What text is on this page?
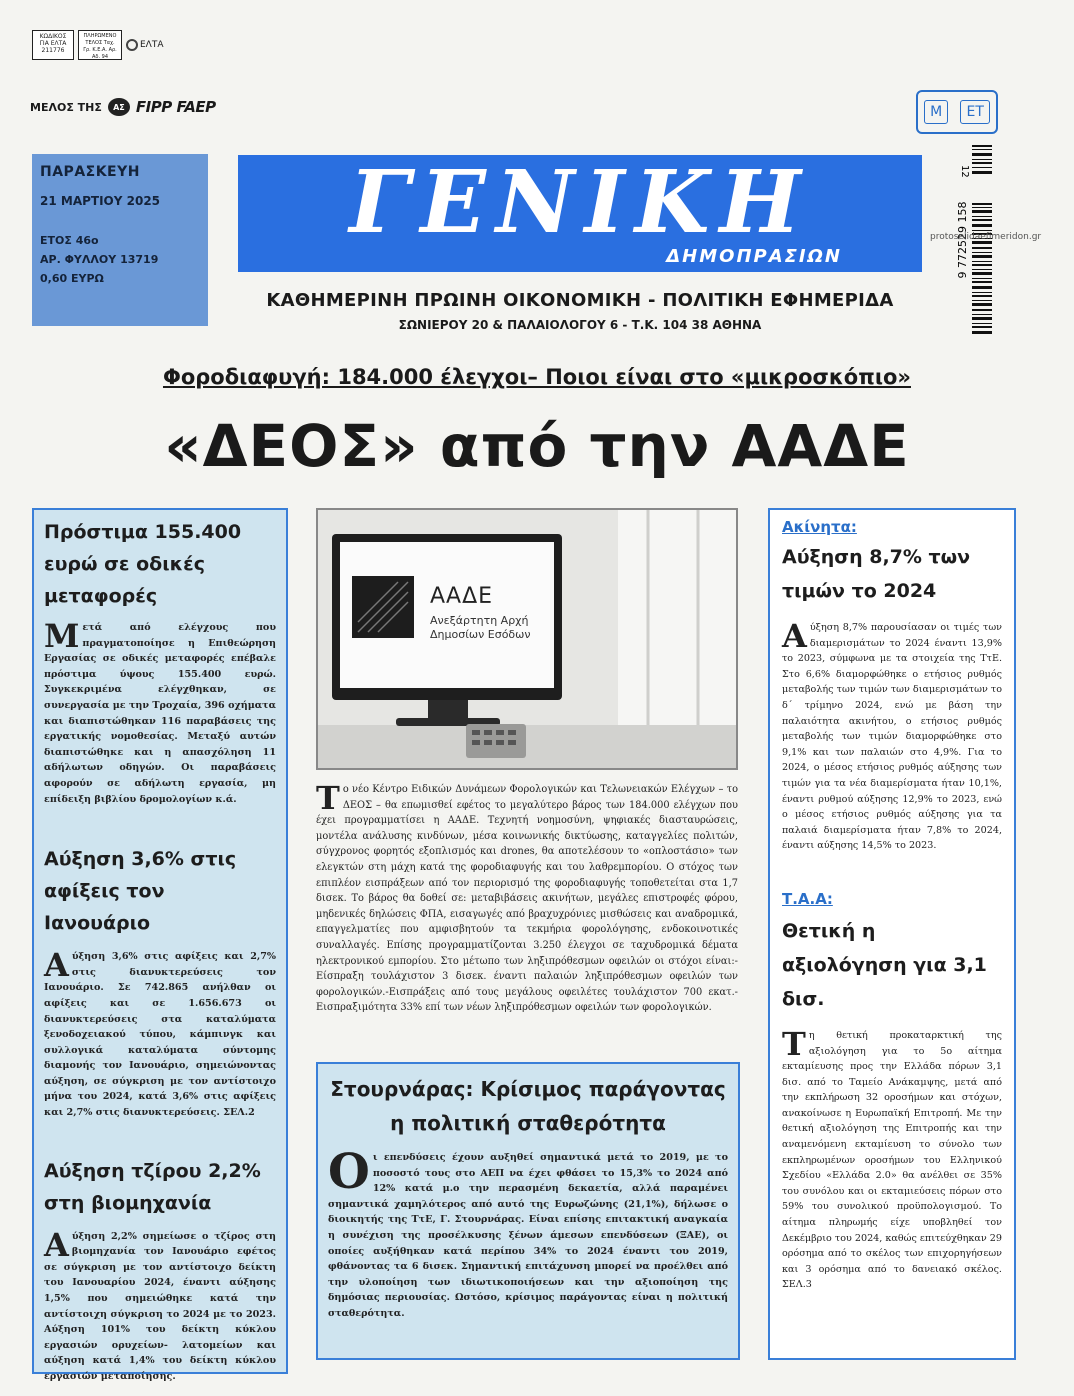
ΚΩΔΙΚΟΣ ΓΙΑ ΕΛΤΑ 211776
ΠΛΗΡΩΜΕΝΟ ΤΕΛΟΣ Ταχ. Γρ. Κ.Ε.Α. Αρ. Αδ. 94
ΕΛΤΑ
ΜΕΛΟΣ ΤΗΣ	ΑΣ FIPP FAEP	M	ET
ΠΑΡΑΣΚΕΥΗ
21 ΜΑΡΤΙΟΥ 2025
ΕΤΟΣ 46ο
ΑΡ. ΦΥΛΛΟΥ 13719
0,60 ΕΥΡΩ
ΓΕΝΙΚΗ
ΔΗΜΟΠΡΑΣΙΩΝ
ΚΑΘΗΜΕΡΙΝΗ ΠΡΩΙΝΗ ΟΙΚΟΝΟΜΙΚΗ - ΠΟΛΙΤΙΚΗ ΕΦΗΜΕΡΙΔΑ
ΣΩΝΙΕΡΟΥ 20 & ΠΑΛΑΙΟΛΟΓΟΥ 6 - Τ.Κ. 104 38 ΑΘΗΝΑ
9 772529 158
12
protoselidaefimeridon.gr
Φοροδιαφυγή: 184.000 έλεγχοι– Ποιοι είναι στο «μικροσκόπιο»
«ΔΕΟΣ» από την ΑΑΔΕ
Πρόστιμα 155.400 ευρώ σε οδικές μεταφορές
Μετά από ελέγχους που πραγματοποίησε η Επιθεώρηση Εργασίας σε οδικές μεταφορές επέβαλε πρόστιμα ύψους 155.400 ευρώ. Συγκεκριμένα ελέγχθηκαν, σε συνεργασία με την Τροχαία, 396 οχήματα και διαπιστώθηκαν 116 παραβάσεις της εργατικής νομοθεσίας. Μεταξύ αυτών διαπιστώθηκε και η απασχόληση 11 αδήλωτων οδηγών. Οι παραβάσεις αφορούν σε αδήλωτη εργασία, μη επίδειξη βιβλίου δρομολογίων κ.ά.
Αύξηση 3,6% στις αφίξεις τον Ιανουάριο
Αύξηση 3,6% στις αφίξεις και 2,7% στις διανυκτερεύσεις τον Ιανουάριο. Σε 742.865 ανήλθαν οι αφίξεις και σε 1.656.673 οι διανυκτερεύσεις στα καταλύματα ξενοδοχειακού τύπου, κάμπινγκ και συλλογικά καταλύματα σύντομης διαμονής τον Ιανουάριο, σημειώνοντας αύξηση, σε σύγκριση με τον αντίστοιχο μήνα του 2024, κατά 3,6% στις αφίξεις και 2,7% στις διανυκτερεύσεις. ΣΕΛ.2
Αύξηση τζίρου 2,2% στη βιομηχανία
Αύξηση 2,2% σημείωσε ο τζίρος στη βιομηχανία τον Ιανουάριο εφέτος σε σύγκριση με τον αντίστοιχο δείκτη του Ιανουαρίου 2024, έναντι αύξησης 1,5% που σημειώθηκε κατά την αντίστοιχη σύγκριση το 2024 με το 2023. Αύξηση 101% του δείκτη κύκλου εργασιών ορυχείων- λατομείων και αύξηση κατά 1,4% του δείκτη κύκλου εργασιών μεταποίησης.
ΑΑΔΕ
Ανεξάρτητη Αρχή
Δημοσίων Εσόδων
Το νέο Κέντρο Ειδικών Δυνάμεων Φορολογικών και Τελωνειακών Ελέγχων – το ΔΕΟΣ – θα επωμισθεί εφέτος το μεγαλύτερο βάρος των 184.000 ελέγχων που έχει προγραμματίσει η ΑΑΔΕ. Τεχνητή νοημοσύνη, ψηφιακές διασταυρώσεις, μοντέλα ανάλυσης κινδύνων, μέσα κοινωνικής δικτύωσης, καταγγελίες πολιτών, σύγχρονος φορητός εξοπλισμός και drones, θα αποτελέσουν το «οπλοστάσιο» των ελεγκτών στη μάχη κατά της φοροδιαφυγής και του λαθρεμπορίου. Ο στόχος των επιπλέον εισπράξεων από τον περιορισμό της φοροδιαφυγής τοποθετείται στα 1,7 δισεκ. Το βάρος θα δοθεί σε: μεταβιβάσεις ακινήτων, μεγάλες επιστροφές φόρου, μηδενικές δηλώσεις ΦΠΑ, εισαγωγές από βραχυχρόνιες μισθώσεις και αναδρομικά, επαγγελματίες που αμφισβητούν τα τεκμήρια φορολόγησης, ενδοκοινοτικές συναλλαγές. Επίσης προγραμματίζονται 3.250 έλεγχοι σε ταχυδρομικά δέματα ηλεκτρονικού εμπορίου. Στο μέτωπο των ληξιπρόθεσμων οφειλών οι στόχοι είναι:-Είσπραξη τουλάχιστον 3 δισεκ. έναντι παλαιών ληξιπρόθεσμων οφειλών των φορολογικών.-Εισπράξεις από τους μεγάλους οφειλέτες τουλάχιστον 700 εκατ.-Εισπραξιμότητα 33% επί των νέων ληξιπρόθεσμων οφειλών των φορολογικών.
Στουρνάρας: Κρίσιμος παράγοντας η πολιτική σταθερότητα
Οι επενδύσεις έχουν αυξηθεί σημαντικά μετά το 2019, με το ποσοστό τους στο ΑΕΠ να έχει φθάσει το 15,3% το 2024 από 12% κατά μ.ο την περασμένη δεκαετία, αλλά παραμένει σημαντικά χαμηλότερος από αυτό της Ευρωζώνης (21,1%), δήλωσε ο διοικητής της ΤτΕ, Γ. Στουρνάρας. Είναι επίσης επιτακτική αναγκαία η συνέχιση της προσέλκυσης ξένων άμεσων επενδύσεων (ΞΑΕ), οι οποίες αυξήθηκαν κατά περίπου 34% το 2024 έναντι του 2019, φθάνοντας τα 6 δισεκ. Σημαντική επιτάχυνση μπορεί να προέλθει από την υλοποίηση των ιδιωτικοποιήσεων και την αξιοποίηση της δημόσιας περιουσίας. Ωστόσο, κρίσιμος παράγοντας είναι η πολιτική σταθερότητα.
Ακίνητα:
Αύξηση 8,7% των τιμών το 2024
Αύξηση 8,7% παρουσίασαν οι τιμές των διαμερισμάτων το 2024 έναντι 13,9% το 2023, σύμφωνα με τα στοιχεία της ΤτΕ. Στο 6,6% διαμορφώθηκε ο ετήσιος ρυθμός μεταβολής των τιμών των διαμερισμάτων το δ΄ τρίμηνο 2024, ενώ με βάση την παλαιότητα ακινήτου, ο ετήσιος ρυθμός μεταβολής των τιμών διαμορφώθηκε στο 9,1% και των παλαιών στο 4,9%. Για το 2024, ο μέσος ετήσιος ρυθμός αύξησης των τιμών για τα νέα διαμερίσματα ήταν 10,1%, έναντι ρυθμού αύξησης 12,9% το 2023, ενώ ο μέσος ετήσιος ρυθμός αύξησης για τα παλαιά διαμερίσματα ήταν 7,8% το 2024, έναντι αύξησης 14,5% το 2023.
Τ.Α.Α:
Θετική η αξιολόγηση για 3,1 δισ.
Τη θετική προκαταρκτική της αξιολόγηση για το 5ο αίτημα εκταμίευσης προς την Ελλάδα πόρων 3,1 δισ. από το Ταμείο Ανάκαμψης, μετά από την εκπλήρωση 32 οροσήμων και στόχων, ανακοίνωσε η Ευρωπαϊκή Επιτροπή. Με την θετική αξιολόγηση της Επιτροπής και την αναμενόμενη εκταμίευση το σύνολο των εκπληρωμένων οροσήμων του Ελληνικού Σχεδίου «Ελλάδα 2.0» θα ανέλθει σε 35% του συνόλου και οι εκταμιεύσεις πόρων στο 59% του συνολικού προϋπολογισμού. Το αίτημα πληρωμής είχε υποβληθεί τον Δεκέμβριο του 2024, καθώς επιτεύχθηκαν 29 ορόσημα από το σκέλος των επιχορηγήσεων και 3 ορόσημα από το δανειακό σκέλος. ΣΕΛ.3
